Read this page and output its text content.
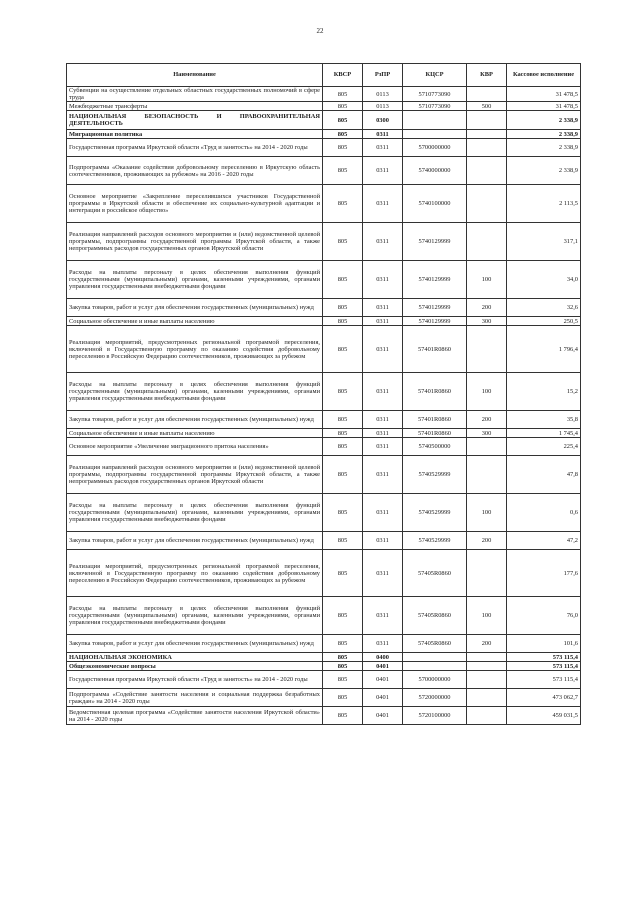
22
Наименование	КВСР	РзПР	КЦСР	КВР	Кассовое исполнение
Субвенции на осуществление отдельных областных государственных полномочий в сфере труда	805	0113	5710773090		31 478,5
Межбюджетные трансферты	805	0113	5710773090	500	31 478,5
НАЦИОНАЛЬНАЯ БЕЗОПАСНОСТЬ И ПРАВООХРАНИТЕЛЬНАЯ ДЕЯТЕЛЬНОСТЬ	805	0300			2 338,9
Миграционная политика	805	0311			2 338,9
Государственная программа Иркутской области «Труд и занятость» на 2014 - 2020 годы	805	0311	5700000000		2 338,9
Подпрограмма «Оказание содействия добровольному переселению в Иркутскую область соотечественников, проживающих за рубежом» на 2016 - 2020 годы	805	0311	5740000000		2 338,9
Основное мероприятие «Закрепление переселившихся участников Государственной программы в Иркутской области и обеспечение их социально-культурной адаптации и интеграции в российское общество»	805	0311	5740100000		2 113,5
Реализация направлений расходов основного мероприятия и (или) ведомственной целевой программы, подпрограммы государственной программы Иркутской области, а также непрограммных расходов государственных органов Иркутской области	805	0311	5740129999		317,1
Расходы на выплаты персоналу в целях обеспечения выполнения функций государственными (муниципальными) органами, казенными учреждениями, органами управления государственными внебюджетными фондами	805	0311	5740129999	100	34,0
Закупка товаров, работ и услуг для обеспечения государственных (муниципальных) нужд	805	0311	5740129999	200	32,6
Социальное обеспечение и иные выплаты населению	805	0311	5740129999	300	250,5
Реализация мероприятий, предусмотренных региональной программой переселения, включенной в Государственную программу по оказанию содействия добровольному переселению в Российскую Федерацию соотечественников, проживающих за рубежом	805	0311	57401R0860		1 796,4
Расходы на выплаты персоналу в целях обеспечения выполнения функций государственными (муниципальными) органами, казенными учреждениями, органами управления государственными внебюджетными фондами	805	0311	57401R0860	100	15,2
Закупка товаров, работ и услуг для обеспечения государственных (муниципальных) нужд	805	0311	57401R0860	200	35,8
Социальное обеспечение и иные выплаты населению	805	0311	57401R0860	300	1 745,4
Основное мероприятие «Увеличение миграционного притока населения»	805	0311	5740500000		225,4
Реализация направлений расходов основного мероприятия и (или) ведомственной целевой программы, подпрограммы государственной программы Иркутской области, а также непрограммных расходов государственных органов Иркутской области	805	0311	5740529999		47,8
Расходы на выплаты персоналу в целях обеспечения выполнения функций государственными (муниципальными) органами, казенными учреждениями, органами управления государственными внебюджетными фондами	805	0311	5740529999	100	0,6
Закупка товаров, работ и услуг для обеспечения государственных (муниципальных) нужд	805	0311	5740529999	200	47,2
Реализация мероприятий, предусмотренных региональной программой переселения, включенной в Государственную программу по оказанию содействия добровольному переселению в Российскую Федерацию соотечественников, проживающих за рубежом	805	0311	57405R0860		177,6
Расходы на выплаты персоналу в целях обеспечения выполнения функций государственными (муниципальными) органами, казенными учреждениями, органами управления государственными внебюджетными фондами	805	0311	57405R0860	100	76,0
Закупка товаров, работ и услуг для обеспечения государственных (муниципальных) нужд	805	0311	57405R0860	200	101,6
НАЦИОНАЛЬНАЯ ЭКОНОМИКА	805	0400			573 115,4
Общеэкономические вопросы	805	0401			573 115,4
Государственная программа Иркутской области «Труд и занятость» на 2014 - 2020 годы	805	0401	5700000000		573 115,4
Подпрограмма «Содействие занятости населения и социальная поддержка безработных граждан» на 2014 - 2020 годы	805	0401	5720000000		473 062,7
Ведомственная целевая программа «Содействие занятости населения Иркутской области» на 2014 - 2020 годы	805	0401	5720100000		459 031,5
